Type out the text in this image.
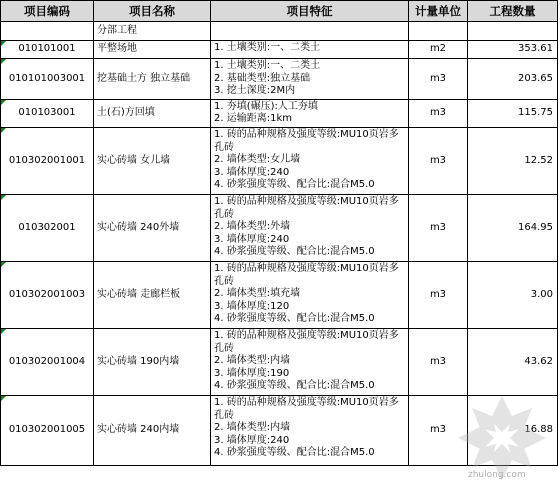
项目编码	项目名称	项目特征	计量单位	工程数量
	分部工程			
010101001	平整场地	1. 土壤类别:一、二类土	m2	353.61
010101003001	挖基础土方 独立基础	1. 土壤类别:一、二类土
2. 基础类型:独立基础
3. 挖土深度:2M内	m3	203.65
010103001	土(石)方回填	1. 夯填(碾压):人工夯填
2. 运输距离:1km	m3	115.75
010302001001	实心砖墙 女儿墙	1. 砖的品种规格及强度等级:MU10页岩多
孔砖
2. 墙体类型:女儿墙
3. 墙体厚度:240
4. 砂浆强度等级、配合比:混合M5.0	m3	12.52
010302001	实心砖墙 240外墙	1. 砖的品种规格及强度等级:MU10页岩多
孔砖
2. 墙体类型:外墙
3. 墙体厚度:240
4. 砂浆强度等级、配合比:混合M5.0	m3	164.95
010302001003	实心砖墙 走廊栏板	1. 砖的品种规格及强度等级:MU10页岩多
孔砖
2. 墙体类型:填充墙
3. 墙体厚度:120
4. 砂浆强度等级、配合比:混合M5.0	m3	3.00
010302001004	实心砖墙 190内墙	1. 砖的品种规格及强度等级:MU10页岩多
孔砖
2. 墙体类型:内墙
3. 墙体厚度:190
4. 砂浆强度等级、配合比:混合M5.0	m3	43.62
010302001005	实心砖墙 240内墙	1. 砖的品种规格及强度等级:MU10页岩多
孔砖
2. 墙体类型:内墙
3. 墙体厚度:240
4. 砂浆强度等级、配合比:混合M5.0	m3	16.88
zhulong.com
